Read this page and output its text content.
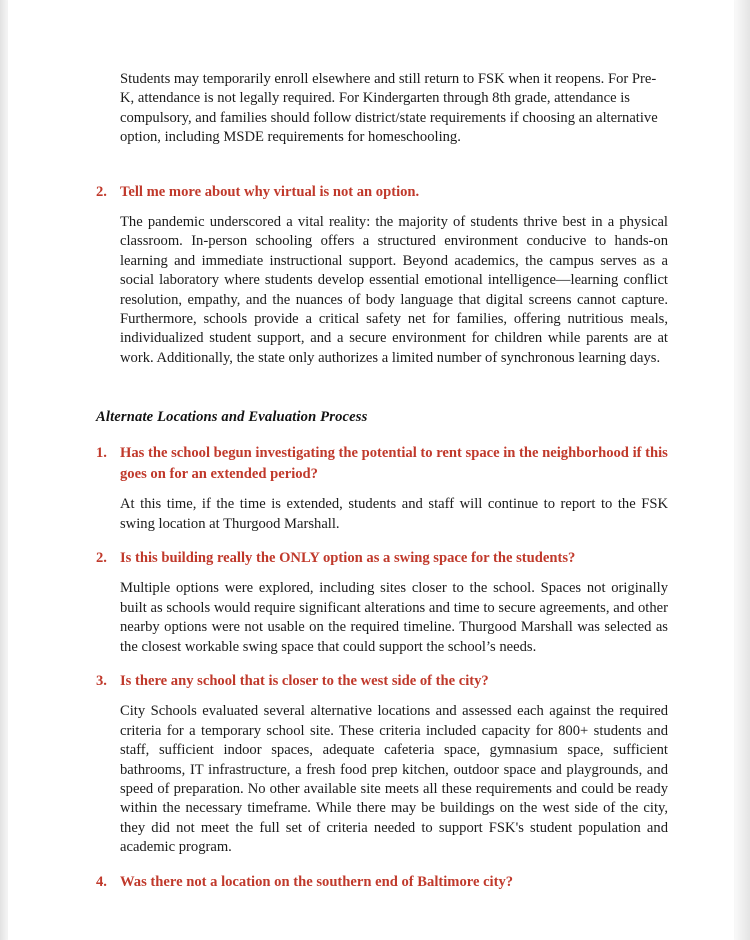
Students may temporarily enroll elsewhere and still return to FSK when it reopens. For Pre-K, attendance is not legally required. For Kindergarten through 8th grade, attendance is compulsory, and families should follow district/state requirements if choosing an alternative option, including MSDE requirements for homeschooling.

2. Tell me more about why virtual is not an option.

The pandemic underscored a vital reality: the majority of students thrive best in a physical classroom. In-person schooling offers a structured environment conducive to hands-on learning and immediate instructional support. Beyond academics, the campus serves as a social laboratory where students develop essential emotional intelligence—learning conflict resolution, empathy, and the nuances of body language that digital screens cannot capture. Furthermore, schools provide a critical safety net for families, offering nutritious meals, individualized student support, and a secure environment for children while parents are at work. Additionally, the state only authorizes a limited number of synchronous learning days.

Alternate Locations and Evaluation Process

1. Has the school begun investigating the potential to rent space in the neighborhood if this goes on for an extended period?

At this time, if the time is extended, students and staff will continue to report to the FSK swing location at Thurgood Marshall.

2. Is this building really the ONLY option as a swing space for the students?

Multiple options were explored, including sites closer to the school. Spaces not originally built as schools would require significant alterations and time to secure agreements, and other nearby options were not usable on the required timeline. Thurgood Marshall was selected as the closest workable swing space that could support the school’s needs.

3. Is there any school that is closer to the west side of the city?

City Schools evaluated several alternative locations and assessed each against the required criteria for a temporary school site. These criteria included capacity for 800+ students and staff, sufficient indoor spaces, adequate cafeteria space, gymnasium space, sufficient bathrooms, IT infrastructure, a fresh food prep kitchen, outdoor space and playgrounds, and speed of preparation. No other available site meets all these requirements and could be ready within the necessary timeframe. While there may be buildings on the west side of the city, they did not meet the full set of criteria needed to support FSK's student population and academic program.

4. Was there not a location on the southern end of Baltimore city?
